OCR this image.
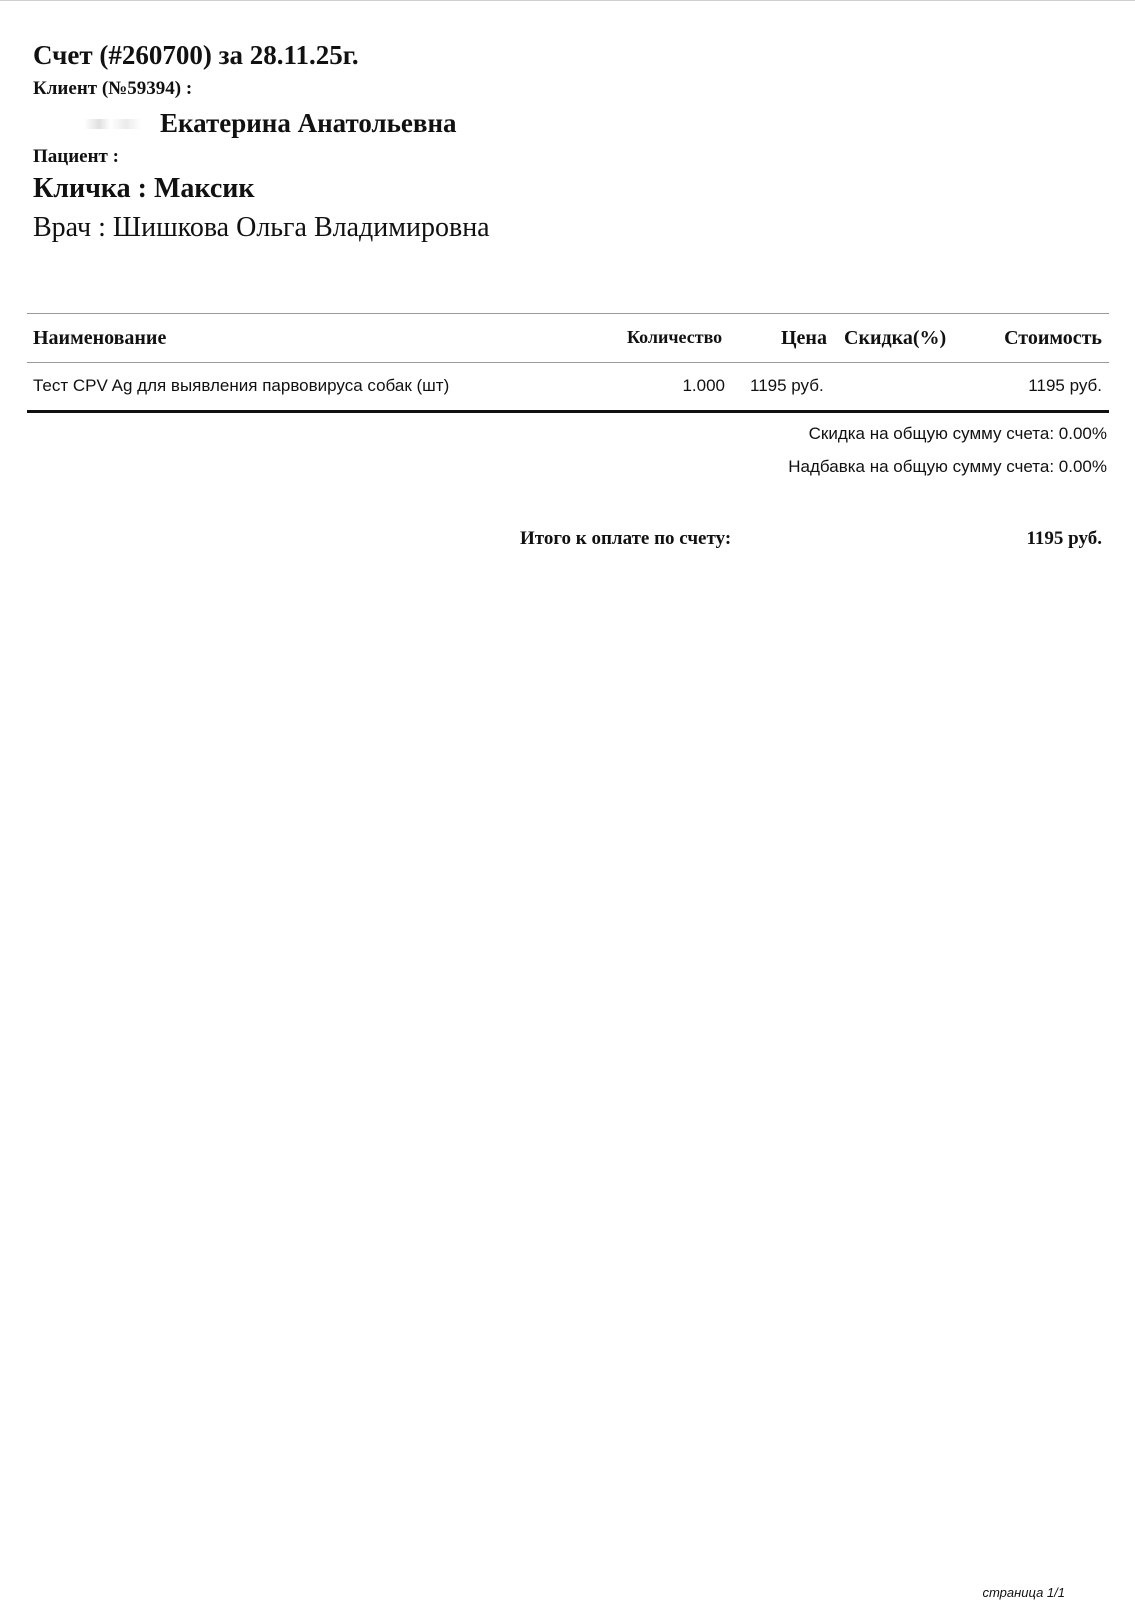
Счет (#260700) за 28.11.25г.
Клиент (№59394) :
Екатерина Анатольевна
Пациент :
Кличка : Максик
Врач : Шишкова Ольга Владимировна
Наименование	Количество	Цена Скидка(%)	Стоимость
Тест CPV Ag для выявления парвовируса собак (шт)	1.000 1195 руб.	1195 руб.
Скидка на общую сумму счета: 0.00%
Надбавка на общую сумму счета: 0.00%
Итого к оплате по счету:	1195 руб.
страница 1/1
